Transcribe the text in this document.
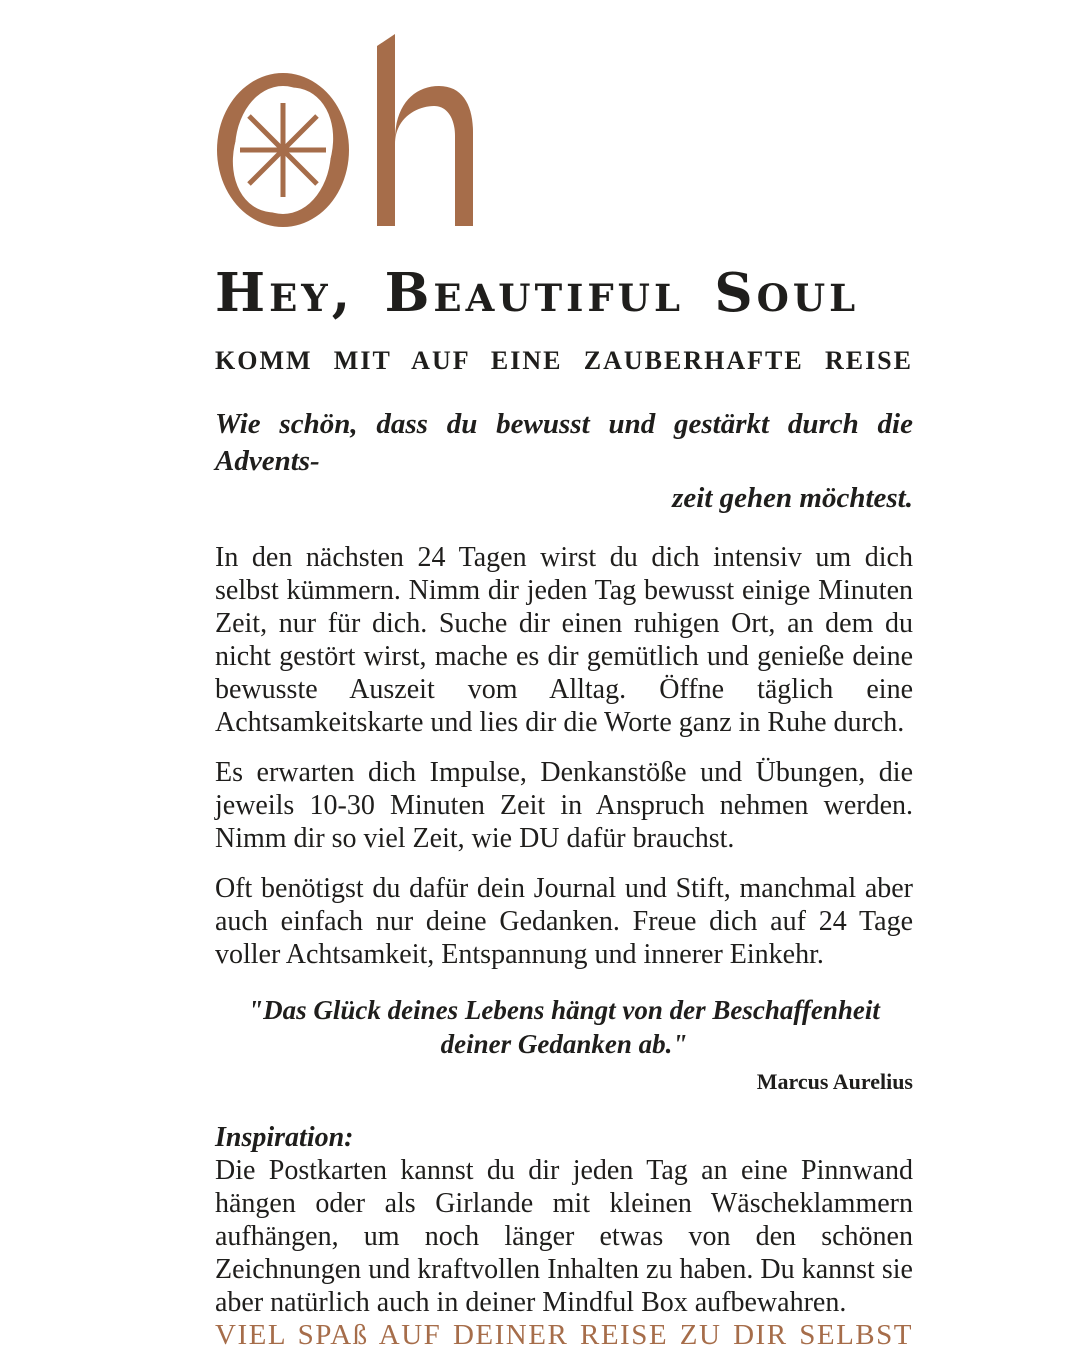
Hey, Beautiful Soul
KOMM MIT AUF EINE ZAUBERHAFTE REISE
Wie schön, dass du bewusst und gestärkt durch die Advents-
zeit gehen möchtest.

In den nächsten 24 Tagen wirst du dich intensiv um dich selbst kümmern. Nimm dir jeden Tag bewusst einige Minuten Zeit, nur für dich. Suche dir einen ruhigen Ort, an dem du nicht gestört wirst, mache es dir gemütlich und genieße deine bewusste Auszeit vom Alltag. Öffne täglich eine Achtsamkeitskarte und lies dir die Worte ganz in Ruhe durch.

Es erwarten dich Impulse, Denkanstöße und Übungen, die jeweils 10-30 Minuten Zeit in Anspruch nehmen werden. Nimm dir so viel Zeit, wie DU dafür brauchst.

Oft benötigst du dafür dein Journal und Stift, manchmal aber auch einfach nur deine Gedanken. Freue dich auf 24 Tage voller Achtsamkeit, Entspannung und innerer Einkehr.

"Das Glück deines Lebens hängt von der Beschaffenheit deiner Gedanken ab."
Marcus Aurelius
Inspiration:
Die Postkarten kannst du dir jeden Tag an eine Pinnwand hängen oder als Girlande mit kleinen Wäscheklammern aufhängen, um noch länger etwas von den schönen Zeichnungen und kraftvollen Inhalten zu haben. Du kannst sie aber natürlich auch in deiner Mindful Box aufbewahren.
VIEL SPAß AUF DEINER REISE ZU DIR SELBST
